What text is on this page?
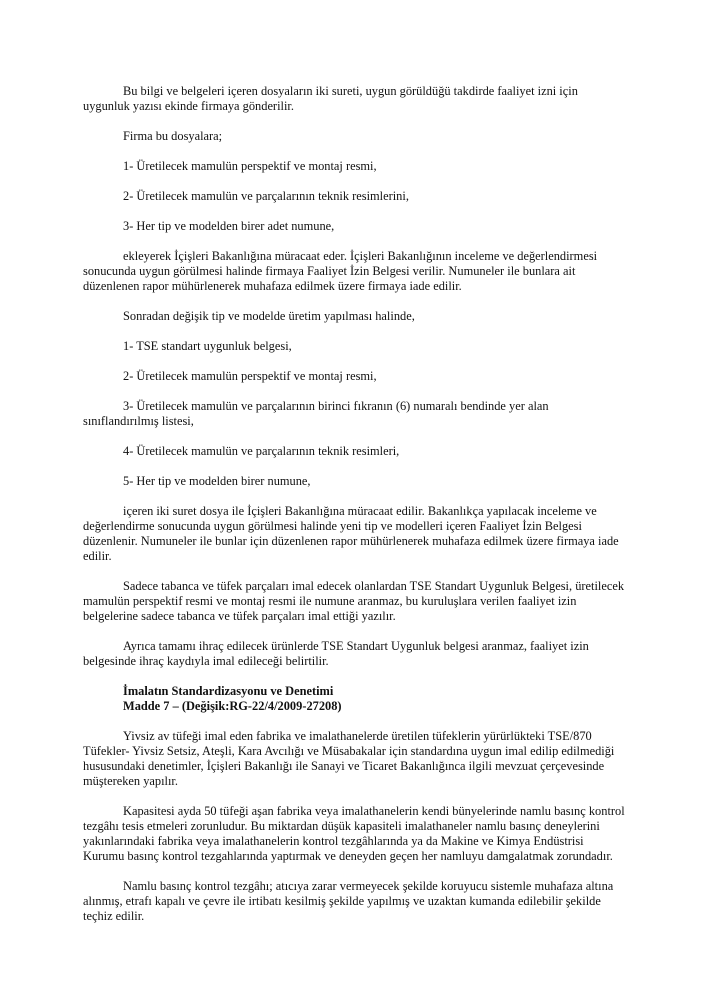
Bu bilgi ve belgeleri içeren dosyaların iki sureti, uygun görüldüğü takdirde faaliyet izni için uygunluk yazısı ekinde firmaya gönderilir.

Firma bu dosyalara;

1- Üretilecek mamulün perspektif ve montaj resmi,

2- Üretilecek mamulün ve parçalarının teknik resimlerini,

3- Her tip ve modelden birer adet numune,

ekleyerek İçişleri Bakanlığına müracaat eder. İçişleri Bakanlığının inceleme ve değerlendirmesi sonucunda uygun görülmesi halinde firmaya Faaliyet İzin Belgesi verilir. Numuneler ile bunlara ait düzenlenen rapor mühürlenerek muhafaza edilmek üzere firmaya iade edilir.

Sonradan değişik tip ve modelde üretim yapılması halinde,

1- TSE standart uygunluk belgesi,

2- Üretilecek mamulün perspektif ve montaj resmi,

3- Üretilecek mamulün ve parçalarının birinci fıkranın (6) numaralı bendinde yer alan sınıflandırılmış listesi,

4- Üretilecek mamulün ve parçalarının teknik resimleri,

5- Her tip ve modelden birer numune,

içeren iki suret dosya ile İçişleri Bakanlığına müracaat edilir. Bakanlıkça yapılacak inceleme ve değerlendirme sonucunda uygun görülmesi halinde yeni tip ve modelleri içeren Faaliyet İzin Belgesi düzenlenir. Numuneler ile bunlar için düzenlenen rapor mühürlenerek muhafaza edilmek üzere firmaya iade edilir.

Sadece tabanca ve tüfek parçaları imal edecek olanlardan TSE Standart Uygunluk Belgesi, üretilecek mamulün perspektif resmi ve montaj resmi ile numune aranmaz, bu kuruluşlara verilen faaliyet izin belgelerine sadece tabanca ve tüfek parçaları imal ettiği yazılır.

Ayrıca tamamı ihraç edilecek ürünlerde TSE Standart Uygunluk belgesi aranmaz, faaliyet izin belgesinde ihraç kaydıyla imal edileceği belirtilir.

İmalatın Standardizasyonu ve Denetimi
Madde 7 – (Değişik:RG-22/4/2009-27208)

Yivsiz av tüfeği imal eden fabrika ve imalathanelerde üretilen tüfeklerin yürürlükteki TSE/870 Tüfekler- Yivsiz Setsiz, Ateşli, Kara Avcılığı ve Müsabakalar için standardına uygun imal edilip edilmediği hususundaki denetimler, İçişleri Bakanlığı ile Sanayi ve Ticaret Bakanlığınca ilgili mevzuat çerçevesinde müştereken yapılır.

Kapasitesi ayda 50 tüfeği aşan fabrika veya imalathanelerin kendi bünyelerinde namlu basınç kontrol tezgâhı tesis etmeleri zorunludur. Bu miktardan düşük kapasiteli imalathaneler namlu basınç deneylerini yakınlarındaki fabrika veya imalathanelerin kontrol tezgâhlarında ya da Makine ve Kimya Endüstrisi Kurumu basınç kontrol tezgahlarında yaptırmak ve deneyden geçen her namluyu damgalatmak zorundadır.

Namlu basınç kontrol tezgâhı; atıcıya zarar vermeyecek şekilde koruyucu sistemle muhafaza altına alınmış, etrafı kapalı ve çevre ile irtibatı kesilmiş şekilde yapılmış ve uzaktan kumanda edilebilir şekilde teçhiz edilir.
